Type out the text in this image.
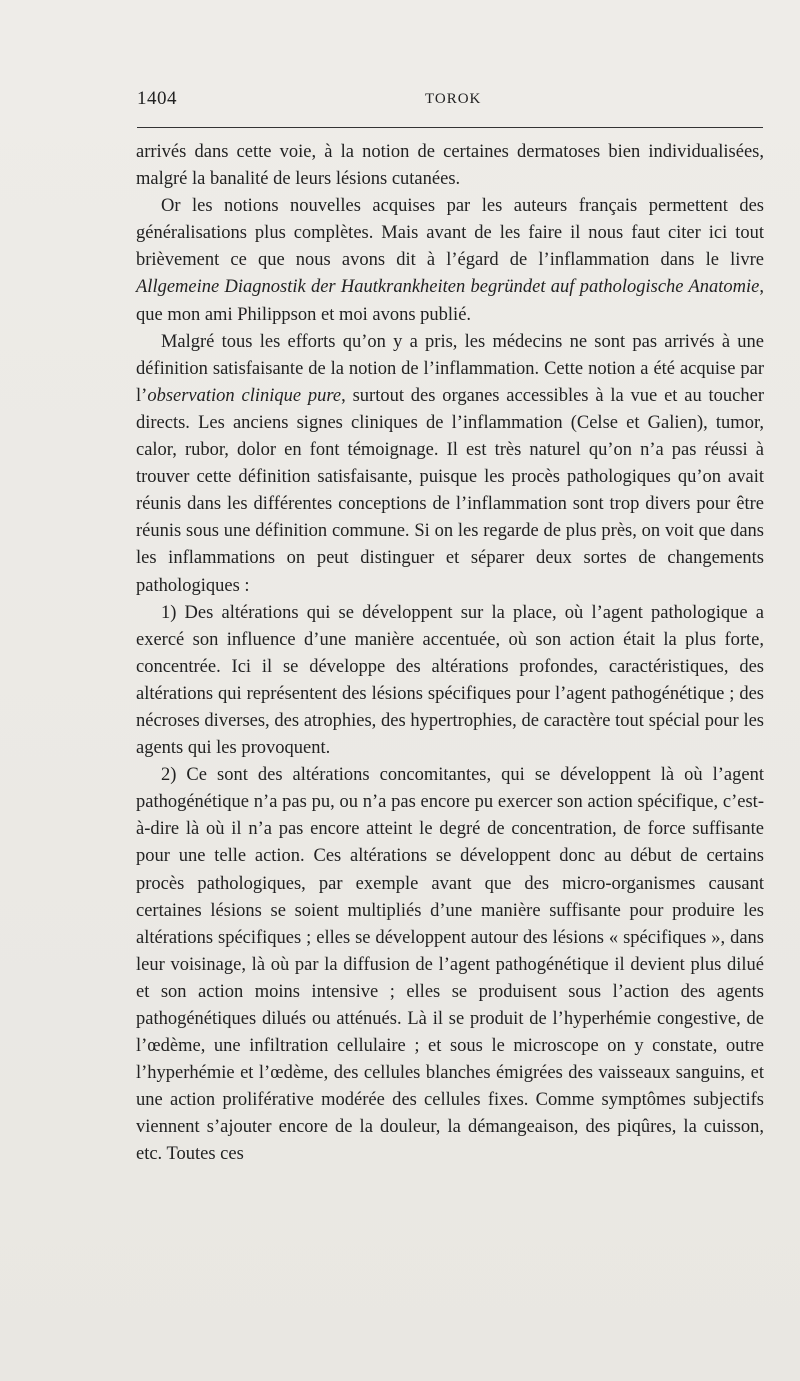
1404	TOROK

arrivés dans cette voie, à la notion de certaines dermatoses bien individualisées, malgré la banalité de leurs lésions cutanées.

Or les notions nouvelles acquises par les auteurs français permettent des généralisations plus complètes. Mais avant de les faire il nous faut citer ici tout brièvement ce que nous avons dit à l’égard de l’inflammation dans le livre Allgemeine Diagnostik der Hautkrankheiten begründet auf pathologische Anatomie, que mon ami Philippson et moi avons publié.

Malgré tous les efforts qu’on y a pris, les médecins ne sont pas arrivés à une définition satisfaisante de la notion de l’inflammation. Cette notion a été acquise par l’observation clinique pure, surtout des organes accessibles à la vue et au toucher directs. Les anciens signes cliniques de l’inflammation (Celse et Galien), tumor, calor, rubor, dolor en font témoignage. Il est très naturel qu’on n’a pas réussi à trouver cette définition satisfaisante, puisque les procès pathologiques qu’on avait réunis dans les différentes conceptions de l’inflammation sont trop divers pour être réunis sous une définition commune. Si on les regarde de plus près, on voit que dans les inflammations on peut distinguer et séparer deux sortes de changements pathologiques :

1) Des altérations qui se développent sur la place, où l’agent pathologique a exercé son influence d’une manière accentuée, où son action était la plus forte, concentrée. Ici il se développe des altérations profondes, caractéristiques, des altérations qui représentent des lésions spécifiques pour l’agent pathogénétique ; des nécroses diverses, des atrophies, des hypertrophies, de caractère tout spécial pour les agents qui les provoquent.

2) Ce sont des altérations concomitantes, qui se développent là où l’agent pathogénétique n’a pas pu, ou n’a pas encore pu exercer son action spécifique, c’est-à-dire là où il n’a pas encore atteint le degré de concentration, de force suffisante pour une telle action. Ces altérations se développent donc au début de certains procès pathologiques, par exemple avant que des micro-organismes causant certaines lésions se soient multipliés d’une manière suffisante pour produire les altérations spécifiques ; elles se développent autour des lésions « spécifiques », dans leur voisinage, là où par la diffusion de l’agent pathogénétique il devient plus dilué et son action moins intensive ; elles se produisent sous l’action des agents pathogénétiques dilués ou atténués. Là il se produit de l’hyperhémie congestive, de l’œdème, une infiltration cellulaire ; et sous le microscope on y constate, outre l’hyperhémie et l’œdème, des cellules blanches émigrées des vaisseaux sanguins, et une action proliférative modérée des cellules fixes. Comme symptômes subjectifs viennent s’ajouter encore de la douleur, la démangeaison, des piqûres, la cuisson, etc. Toutes ces
